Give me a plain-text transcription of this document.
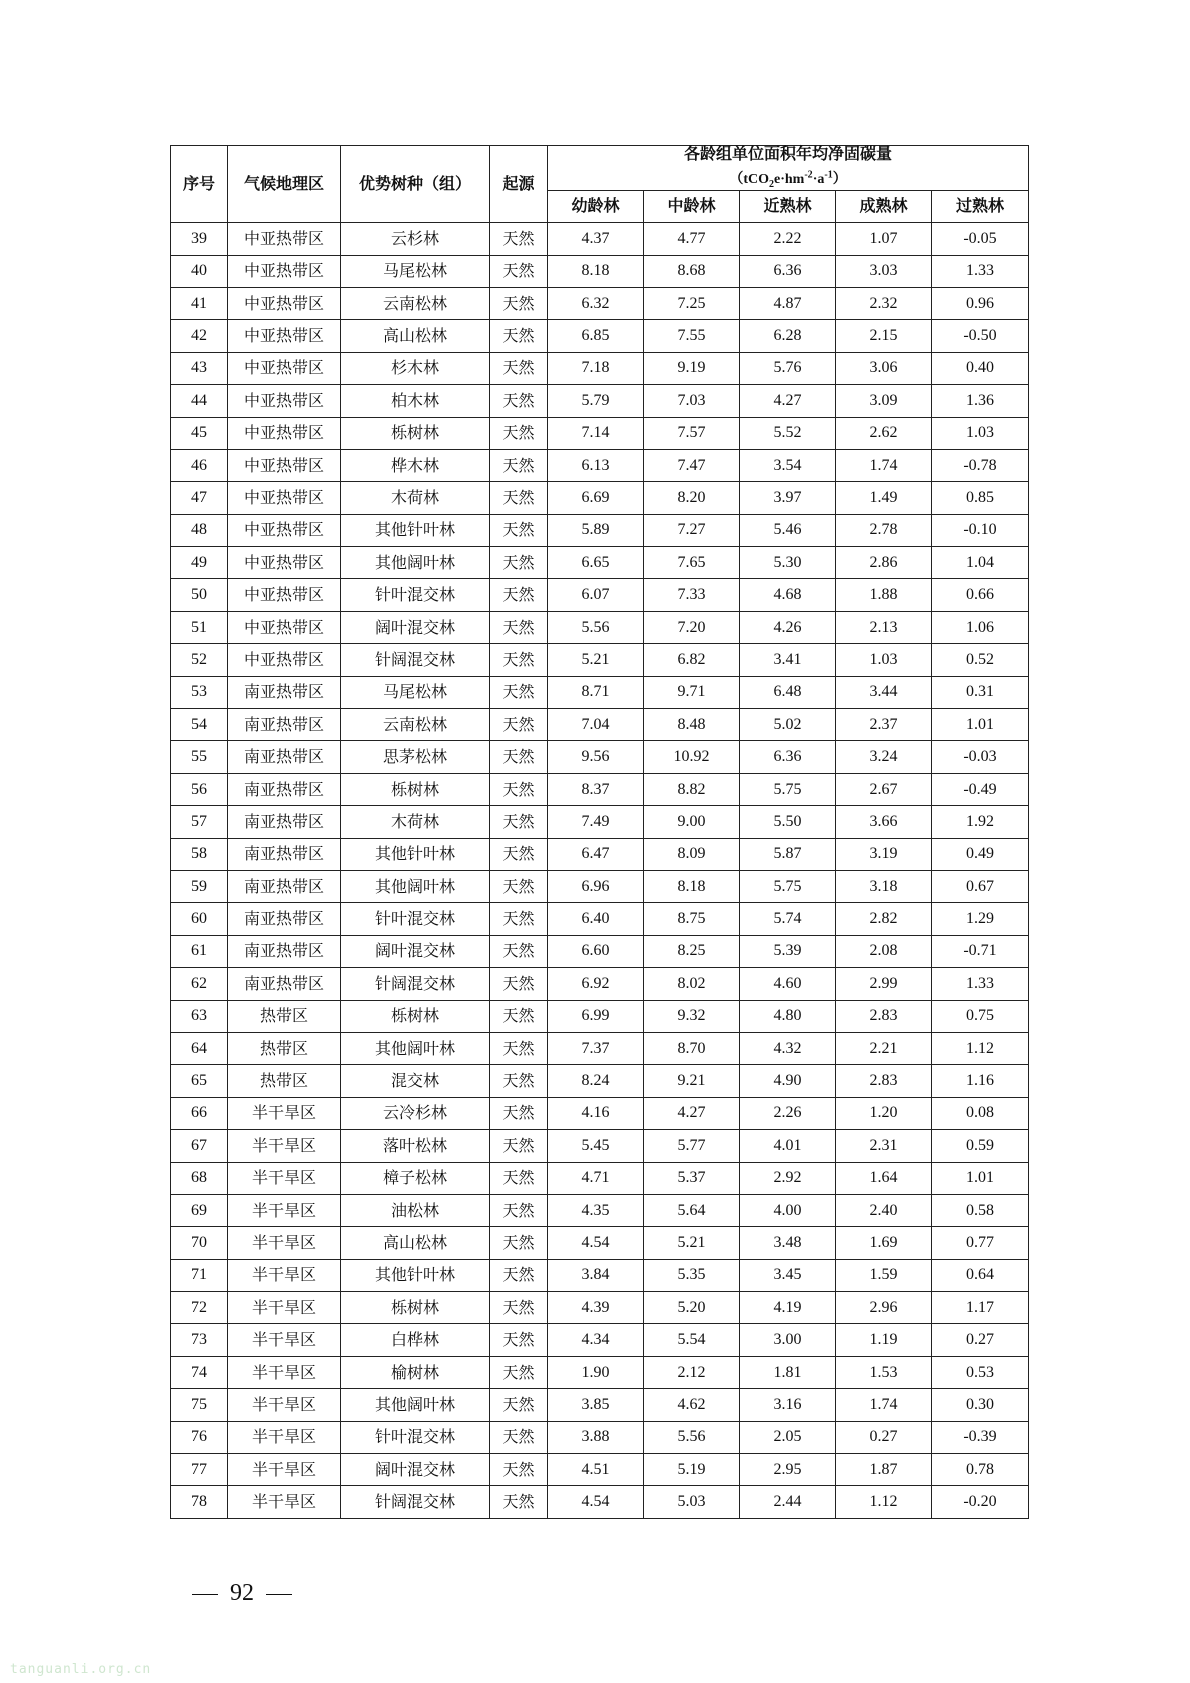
序号	气候地理区	优势树种（组）	起源	各龄组单位面积年均净固碳量
$(tCO_2e\cdot hm^{-2}\cdot a^{-1})$				
				幼龄林	中龄林	近熟林	成熟林	过熟林
39	中亚热带区	云杉林	天然	4.37	4.77	2.22	1.07	-0.05
40	中亚热带区	马尾松林	天然	8.18	8.68	6.36	3.03	1.33
41	中亚热带区	云南松林	天然	6.32	7.25	4.87	2.32	0.96
42	中亚热带区	高山松林	天然	6.85	7.55	6.28	2.15	-0.50
43	中亚热带区	杉木林	天然	7.18	9.19	5.76	3.06	0.40
44	中亚热带区	柏木林	天然	5.79	7.03	4.27	3.09	1.36
45	中亚热带区	栎树林	天然	7.14	7.57	5.52	2.62	1.03
46	中亚热带区	桦木林	天然	6.13	7.47	3.54	1.74	-0.78
47	中亚热带区	木荷林	天然	6.69	8.20	3.97	1.49	0.85
48	中亚热带区	其他针叶林	天然	5.89	7.27	5.46	2.78	-0.10
49	中亚热带区	其他阔叶林	天然	6.65	7.65	5.30	2.86	1.04
50	中亚热带区	针叶混交林	天然	6.07	7.33	4.68	1.88	0.66
51	中亚热带区	阔叶混交林	天然	5.56	7.20	4.26	2.13	1.06
52	中亚热带区	针阔混交林	天然	5.21	6.82	3.41	1.03	0.52
53	南亚热带区	马尾松林	天然	8.71	9.71	6.48	3.44	0.31
54	南亚热带区	云南松林	天然	7.04	8.48	5.02	2.37	1.01
55	南亚热带区	思茅松林	天然	9.56	10.92	6.36	3.24	-0.03
56	南亚热带区	栎树林	天然	8.37	8.82	5.75	2.67	-0.49
57	南亚热带区	木荷林	天然	7.49	9.00	5.50	3.66	1.92
58	南亚热带区	其他针叶林	天然	6.47	8.09	5.87	3.19	0.49
59	南亚热带区	其他阔叶林	天然	6.96	8.18	5.75	3.18	0.67
60	南亚热带区	针叶混交林	天然	6.40	8.75	5.74	2.82	1.29
61	南亚热带区	阔叶混交林	天然	6.60	8.25	5.39	2.08	-0.71
62	南亚热带区	针阔混交林	天然	6.92	8.02	4.60	2.99	1.33
63	热带区	栎树林	天然	6.99	9.32	4.80	2.83	0.75
64	热带区	其他阔叶林	天然	7.37	8.70	4.32	2.21	1.12
65	热带区	混交林	天然	8.24	9.21	4.90	2.83	1.16
66	半干旱区	云冷杉林	天然	4.16	4.27	2.26	1.20	0.08
67	半干旱区	落叶松林	天然	5.45	5.77	4.01	2.31	0.59
68	半干旱区	樟子松林	天然	4.71	5.37	2.92	1.64	1.01
69	半干旱区	油松林	天然	4.35	5.64	4.00	2.40	0.58
70	半干旱区	高山松林	天然	4.54	5.21	3.48	1.69	0.77
71	半干旱区	其他针叶林	天然	3.84	5.35	3.45	1.59	0.64
72	半干旱区	栎树林	天然	4.39	5.20	4.19	2.96	1.17
73	半干旱区	白桦林	天然	4.34	5.54	3.00	1.19	0.27
74	半干旱区	榆树林	天然	1.90	2.12	1.81	1.53	0.53
75	半干旱区	其他阔叶林	天然	3.85	4.62	3.16	1.74	0.30
76	半干旱区	针叶混交林	天然	3.88	5.56	2.05	0.27	-0.39
77	半干旱区	阔叶混交林	天然	4.51	5.19	2.95	1.87	0.78
78	半干旱区	针阔混交林	天然	4.54	5.03	2.44	1.12	-0.20
92
tanguanli.org.cn
